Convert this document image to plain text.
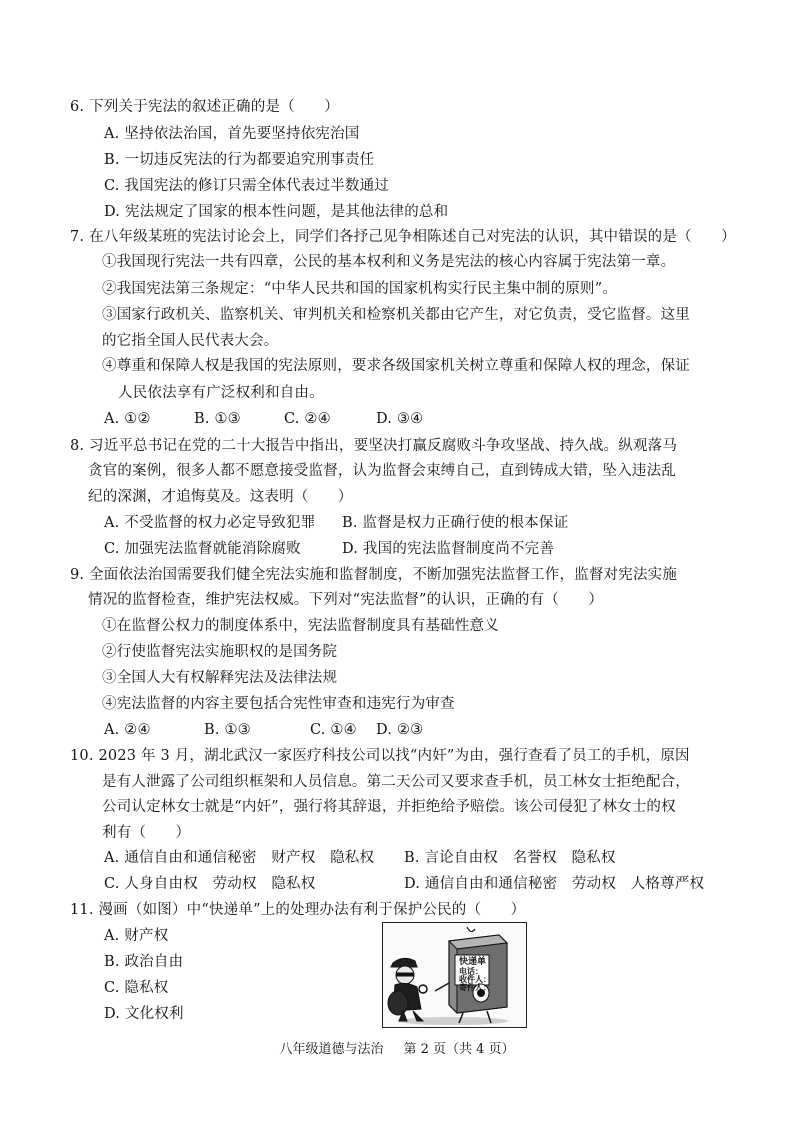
6. 下列关于宪法的叙述正确的是（　　）
A. 坚持依法治国，首先要坚持依宪治国
B. 一切违反宪法的行为都要追究刑事责任
C. 我国宪法的修订只需全体代表过半数通过
D. 宪法规定了国家的根本性问题，是其他法律的总和
7. 在八年级某班的宪法讨论会上，同学们各抒己见争相陈述自己对宪法的认识，其中错误的是（　　）
①我国现行宪法一共有四章，公民的基本权利和义务是宪法的核心内容属于宪法第一章。
②我国宪法第三条规定：“中华人民共和国的国家机构实行民主集中制的原则”。
③国家行政机关、监察机关、审判机关和检察机关都由它产生，对它负责，受它监督。这里
的它指全国人民代表大会。
④尊重和保障人权是我国的宪法原则，要求各级国家机关树立尊重和保障人权的理念，保证
人民依法享有广泛权利和自由。
A. ①②	B. ①③	C. ②④	D. ③④
8. 习近平总书记在党的二十大报告中指出，要坚决打赢反腐败斗争攻坚战、持久战。纵观落马
贪官的案例，很多人都不愿意接受监督，认为监督会束缚自己，直到铸成大错，坠入违法乱
纪的深渊，才追悔莫及。这表明（　　）
A. 不受监督的权力必定导致犯罪 B. 监督是权力正确行使的根本保证
C. 加强宪法监督就能消除腐败	D. 我国的宪法监督制度尚不完善
9. 全面依法治国需要我们健全宪法实施和监督制度，不断加强宪法监督工作，监督对宪法实施
情况的监督检查，维护宪法权威。下列对“宪法监督”的认识，正确的有（　　）
①在监督公权力的制度体系中，宪法监督制度具有基础性意义
②行使监督宪法实施职权的是国务院
③全国人大有权解释宪法及法律法规
④宪法监督的内容主要包括合宪性审查和违宪行为审查
A. ②④	B. ①③	C. ①④ D. ②③
10. 2023 年 3 月，湖北武汉一家医疗科技公司以找“内奸”为由，强行查看了员工的手机，原因
是有人泄露了公司组织框架和人员信息。第二天公司又要求查手机，员工林女士拒绝配合，
公司认定林女士就是“内奸”，强行将其辞退，并拒绝给予赔偿。该公司侵犯了林女士的权
利有（　　）
A. 通信自由和通信秘密　财产权　隐私权 B. 言论自由权　名誉权　隐私权
C. 人身自由权　劳动权　隐私权	D. 通信自由和通信秘密　劳动权　人格尊严权
11. 漫画（如图）中“快递单”上的处理办法有利于保护公民的（　　）
A. 财产权
B. 政治自由
C. 隐私权
D. 文化权利
快递单
电话：
收件人：
寄件人：
八年级道德与法治 第 2 页（共 4 页）
